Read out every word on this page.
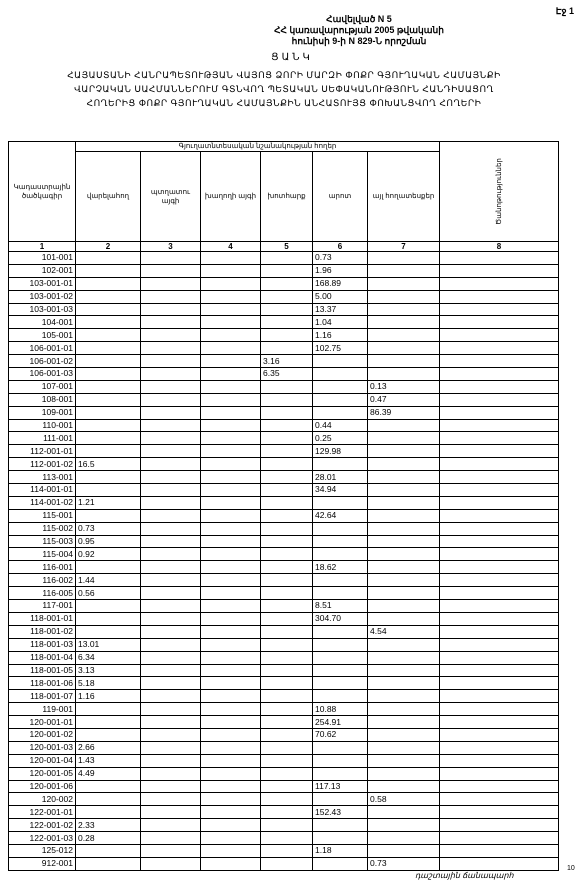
Էջ 1
Հավելված N 5
ՀՀ կառավարության 2005 թվականի
հունիսի 9-ի N 829-Ն որոշման
ՑԱՆԿ
ՀԱՅԱՍՏԱՆԻ ՀԱՆՐԱՊԵՏՈՒԹՅԱՆ ՎԱՅՈՑ ՁՈՐԻ ՄԱՐԶԻ ՓՈՔՐ ԳՅՈՒՂԱԿԱՆ ՀԱՄԱՅՆՔԻ
ՎԱՐՉԱԿԱՆ ՍԱՀՄԱՆՆԵՐՈՒՄ ԳՏՆՎՈՂ ՊԵՏԱԿԱՆ ՍԵՓԱԿԱՆՈՒԹՅՈՒՆ ՀԱՆԴԻՍԱՑՈՂ
ՀՈՂԵՐԻՑ ՓՈՔՐ ԳՅՈՒՂԱԿԱՆ ՀԱՄԱՅՆՔԻՆ ԱՆՀԱՏՈՒՅՑ ՓՈԽԱՆՑՎՈՂ ՀՈՂԵՐԻ
Կադաստրային ծածկագիր	Գյուղատնտեսական նշանակության հողեր						Ծանոթություններ
	վարելահող	պտղատու այգի	խաղողի այգի	խոտհարք	արոտ	այլ հողատեսքեր	
1	2	3	4	5	6	7	8
101-001					0.73		
102-001					1.96		
103-001-01					168.89		
103-001-02					5.00		
103-001-03					13.37		
104-001					1.04		
105-001					1.16		
106-001-01					102.75		
106-001-02				3.16			
106-001-03				6.35			
107-001						0.13	
108-001						0.47	
109-001						86.39	
110-001					0.44		
111-001					0.25		
112-001-01					129.98		
112-001-02	16.5						
113-001					28.01		
114-001-01					34.94		
114-001-02	1.21						
115-001					42.64		
115-002	0.73						
115-003	0.95						
115-004	0.92						
116-001					18.62		
116-002	1.44						
116-005	0.56						
117-001					8.51		
118-001-01					304.70		
118-001-02						4.54	
118-001-03	13.01						
118-001-04	6.34						
118-001-05	3.13						
118-001-06	5.18						
118-001-07	1.16						
119-001					10.88		
120-001-01					254.91		
120-001-02					70.62		
120-001-03	2.66						
120-001-04	1.43						
120-001-05	4.49						
120-001-06					117.13		
120-002						0.58	
122-001-01					152.43		
122-001-02	2.33						
122-001-03	0.28						
125-012					1.18		
912-001						0.73	
դաշտային ճանապարհ
10
